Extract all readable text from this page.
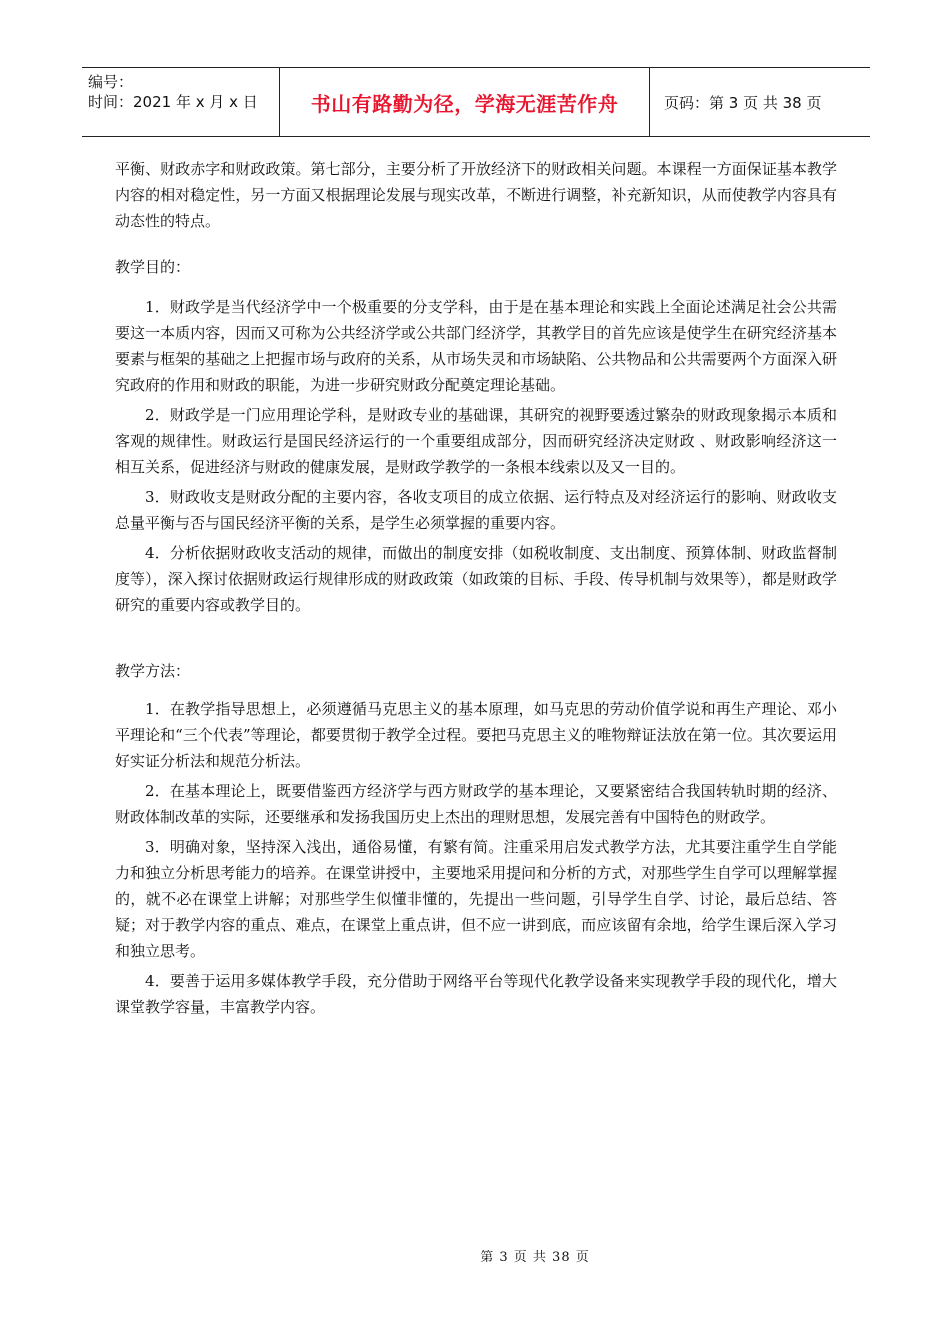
编号：
时间：2021 年 x 月 x 日	书山有路勤为径，学海无涯苦作舟	页码：第 3 页 共 38 页

平衡、财政赤字和财政政策。第七部分，主要分析了开放经济下的财政相关问题。本课程一方面保证基本教学内容的相对稳定性，另一方面又根据理论发展与现实改革，不断进行调整，补充新知识，从而使教学内容具有动态性的特点。

教学目的：

1．财政学是当代经济学中一个极重要的分支学科，由于是在基本理论和实践上全面论述满足社会公共需要这一本质内容，因而又可称为公共经济学或公共部门经济学，其教学目的首先应该是使学生在研究经济基本要素与框架的基础之上把握市场与政府的关系，从市场失灵和市场缺陷、公共物品和公共需要两个方面深入研究政府的作用和财政的职能，为进一步研究财政分配奠定理论基础。

2．财政学是一门应用理论学科，是财政专业的基础课，其研究的视野要透过繁杂的财政现象揭示本质和客观的规律性。财政运行是国民经济运行的一个重要组成部分，因而研究经济决定财政 、财政影响经济这一相互关系，促进经济与财政的健康发展，是财政学教学的一条根本线索以及又一目的。

3．财政收支是财政分配的主要内容，各收支项目的成立依据、运行特点及对经济运行的影响、财政收支总量平衡与否与国民经济平衡的关系，是学生必须掌握的重要内容。

4．分析依据财政收支活动的规律，而做出的制度安排（如税收制度、支出制度、预算体制、财政监督制度等），深入探讨依据财政运行规律形成的财政政策（如政策的目标、手段、传导机制与效果等），都是财政学研究的重要内容或教学目的。

教学方法：

1．在教学指导思想上，必须遵循马克思主义的基本原理，如马克思的劳动价值学说和再生产理论、邓小平理论和“三个代表”等理论，都要贯彻于教学全过程。要把马克思主义的唯物辩证法放在第一位。其次要运用好实证分析法和规范分析法。

2．在基本理论上，既要借鉴西方经济学与西方财政学的基本理论，又要紧密结合我国转轨时期的经济、财政体制改革的实际，还要继承和发扬我国历史上杰出的理财思想，发展完善有中国特色的财政学。

3．明确对象，坚持深入浅出，通俗易懂，有繁有简。注重采用启发式教学方法，尤其要注重学生自学能力和独立分析思考能力的培养。在课堂讲授中，主要地采用提问和分析的方式，对那些学生自学可以理解掌握的，就不必在课堂上讲解；对那些学生似懂非懂的，先提出一些问题，引导学生自学、讨论，最后总结、答疑；对于教学内容的重点、难点，在课堂上重点讲，但不应一讲到底，而应该留有余地，给学生课后深入学习和独立思考。

4．要善于运用多媒体教学手段，充分借助于网络平台等现代化教学设备来实现教学手段的现代化，增大课堂教学容量，丰富教学内容。

第 3 页 共 38 页
